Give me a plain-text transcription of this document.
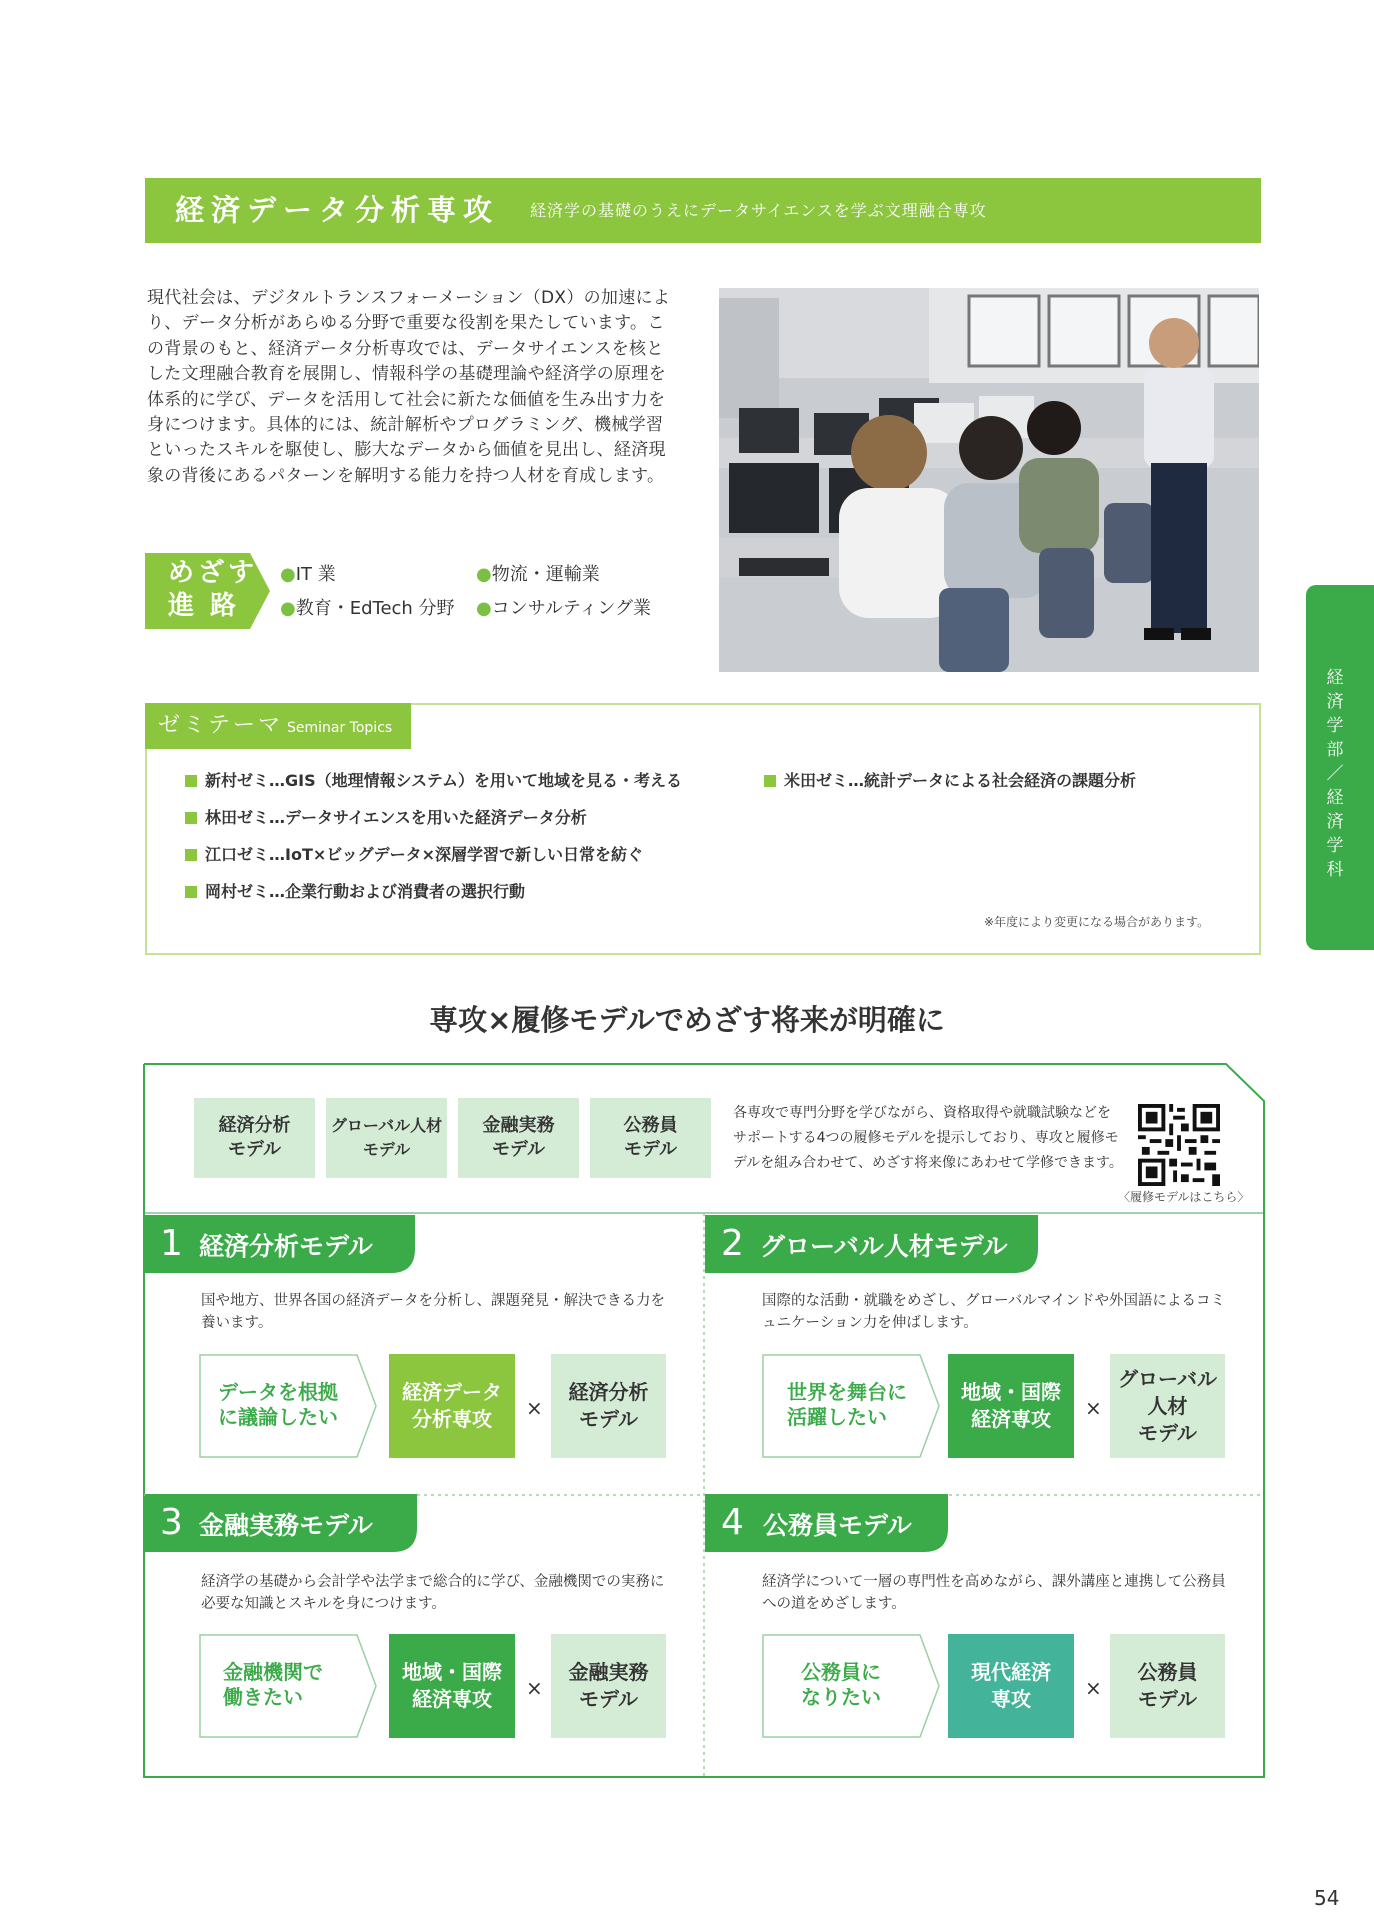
経済データ分析専攻 経済学の基礎のうえにデータサイエンスを学ぶ文理融合専攻
現代社会は、デジタルトランスフォーメーション（DX）の加速により、データ分析があらゆる分野で重要な役割を果たしています。この背景のもと、経済データ分析専攻では、データサイエンスを核とした文理融合教育を展開し、情報科学の基礎理論や経済学の原理を体系的に学び、データを活用して社会に新たな価値を生み出す力を身につけます。具体的には、統計解析やプログラミング、機械学習といったスキルを駆使し、膨大なデータから価値を見出し、経済現象の背後にあるパターンを解明する能力を持つ人材を育成します。
めざす
進路
●IT 業	●物流・運輸業
●教育・EdTech 分野 ●コンサルティング業
経済学部／経済学科
ゼミテーマ Seminar Topics
新村ゼミ…GIS（地理情報システム）を用いて地域を見る・考える	米田ゼミ…統計データによる社会経済の課題分析
林田ゼミ…データサイエンスを用いた経済データ分析
江口ゼミ…IoT×ビッグデータ×深層学習で新しい日常を紡ぐ
岡村ゼミ…企業行動および消費者の選択行動
※年度により変更になる場合があります。
専攻×履修モデルでめざす将来が明確に
経済分析
モデル
グローバル人材
モデル
金融実務
モデル
公務員
モデル
各専攻で専門分野を学びながら、資格取得や就職試験などをサポートする4つの履修モデルを提示しており、専攻と履修モデルを組み合わせて、めざす将来像にあわせて学修できます。
〈履修モデルはこちら〉
1 経済分析モデル
国や地方、世界各国の経済データを分析し、課題発見・解決できる力を養います。
データを根拠
に議論したい
経済データ
分析専攻	×
経済分析
モデル
2 グローバル人材モデル
国際的な活動・就職をめざし、グローバルマインドや外国語によるコミュニケーション力を伸ばします。
世界を舞台に
活躍したい
地域・国際
経済専攻	×
グローバル
人材
モデル
3 金融実務モデル
経済学の基礎から会計学や法学まで総合的に学び、金融機関での実務に必要な知識とスキルを身につけます。
金融機関で
働きたい
地域・国際
経済専攻	×
金融実務
モデル
4 公務員モデル
経済学について一層の専門性を高めながら、課外講座と連携して公務員への道をめざします。
公務員に
なりたい
現代経済
専攻	×
公務員
モデル
54
